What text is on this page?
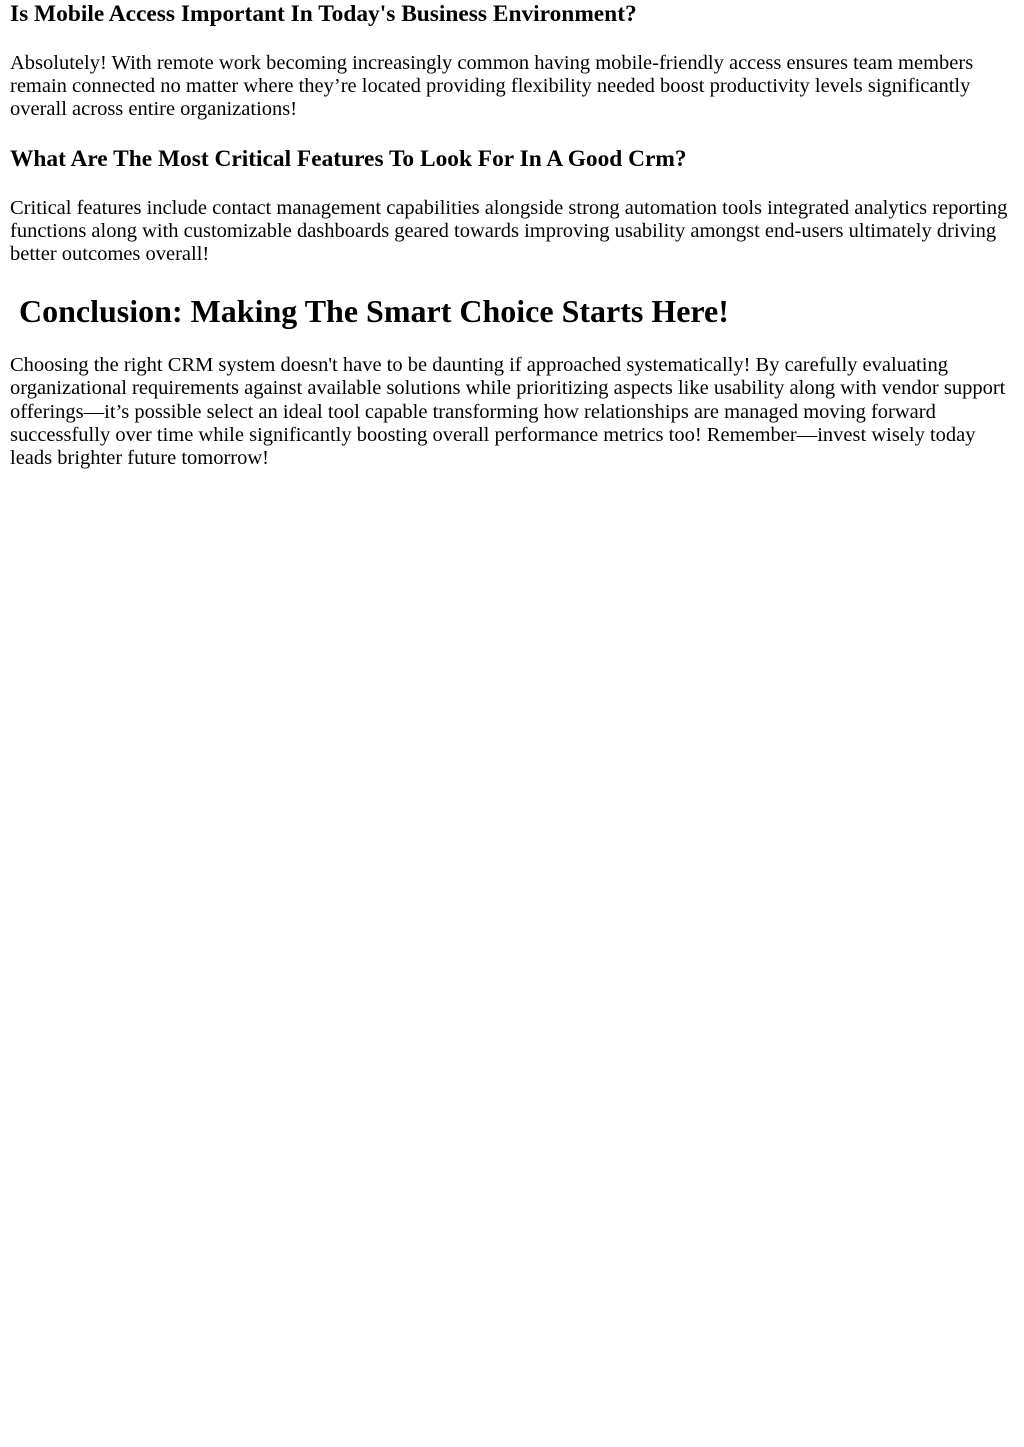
Is Mobile Access Important In Today's Business Environment?

Absolutely! With remote work becoming increasingly common having mobile-friendly access ensures team members remain connected no matter where they’re located providing flexibility needed boost productivity levels significantly overall across entire organizations!

What Are The Most Critical Features To Look For In A Good Crm?

Critical features include contact management capabilities alongside strong automation tools integrated analytics reporting functions along with customizable dashboards geared towards improving usability amongst end-users ultimately driving better outcomes overall!

Conclusion: Making The Smart Choice Starts Here!

Choosing the right CRM system doesn't have to be daunting if approached systematically! By carefully evaluating organizational requirements against available solutions while prioritizing aspects like usability along with vendor support offerings—it’s possible select an ideal tool capable transforming how relationships are managed moving forward successfully over time while significantly boosting overall performance metrics too! Remember—invest wisely today leads brighter future tomorrow!
